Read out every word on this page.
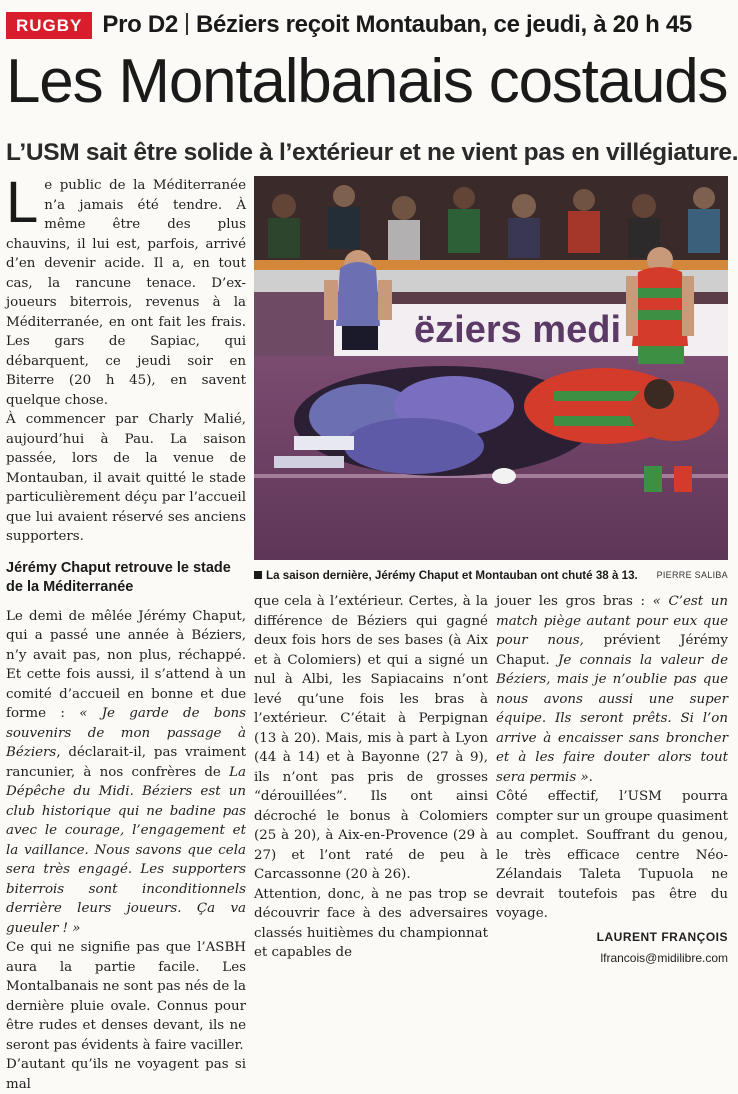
RUGBY Pro D2 Béziers reçoit Montauban, ce jeudi, à 20 h 45
Les Montalbanais costauds
L’USM sait être solide à l’extérieur et ne vient pas en villégiature.

Le public de la Méditerranée n’a jamais été tendre. À même être des plus chauvins, il lui est, parfois, arrivé d’en devenir acide. Il a, en tout cas, la rancune tenace. D’ex-joueurs biterrois, revenus à la Méditerranée, en ont fait les frais. Les gars de Sapiac, qui débarquent, ce jeudi soir en Biterre (20 h 45), en savent quelque chose.

À commencer par Charly Malié, aujourd’hui à Pau. La saison passée, lors de la venue de Montauban, il avait quitté le stade particulièrement déçu par l’accueil que lui avaient réservé ses anciens supporters.

Jérémy Chaput retrouve le stade de la Méditerranée

Le demi de mêlée Jérémy Chaput, qui a passé une année à Béziers, n’y avait pas, non plus, réchappé. Et cette fois aussi, il s’attend à un comité d’accueil en bonne et due forme : « Je garde de bons souvenirs de mon passage à Béziers, déclarait-il, pas vraiment rancunier, à nos confrères de La Dépêche du Midi. Béziers est un club historique qui ne badine pas avec le courage, l’engagement et la vaillance. Nous savons que cela sera très engagé. Les supporters biterrois sont inconditionnels derrière leurs joueurs. Ça va gueuler ! »

Ce qui ne signifie pas que l’ASBH aura la partie facile. Les Montalbanais ne sont pas nés de la dernière pluie ovale. Connus pour être rudes et denses devant, ils ne seront pas évidents à faire vaciller.

D’autant qu’ils ne voyagent pas si mal

ëziers medi
La saison dernière, Jérémy Chaput et Montauban ont chuté 38 à 13. PIERRE SALIBA

que cela à l’extérieur. Certes, à la différence de Béziers qui gagné deux fois hors de ses bases (à Aix et à Colomiers) et qui a signé un nul à Albi, les Sapiacains n’ont levé qu’une fois les bras à l’extérieur. C’était à Perpignan (13 à 20). Mais, mis à part à Lyon (44 à 14) et à Bayonne (27 à 9), ils n’ont pas pris de grosses “dérouillées”. Ils ont ainsi décroché le bonus à Colomiers (25 à 20), à Aix-en-Provence (29 à 27) et l’ont raté de peu à Carcassonne (20 à 26).

Attention, donc, à ne pas trop se découvrir face à des adversaires classés huitièmes du championnat et capables de

jouer les gros bras : « C’est un match piège autant pour eux que pour nous, prévient Jérémy Chaput. Je connais la valeur de Béziers, mais je n’oublie pas que nous avons aussi une super équipe. Ils seront prêts. Si l’on arrive à encaisser sans broncher et à les faire douter alors tout sera permis ».

Côté effectif, l’USM pourra compter sur un groupe quasiment au complet. Souffrant du genou, le très efficace centre Néo-Zélandais Taleta Tupuola ne devrait toutefois pas être du voyage.

LAURENT FRANÇOIS
lfrancois@midilibre.com
